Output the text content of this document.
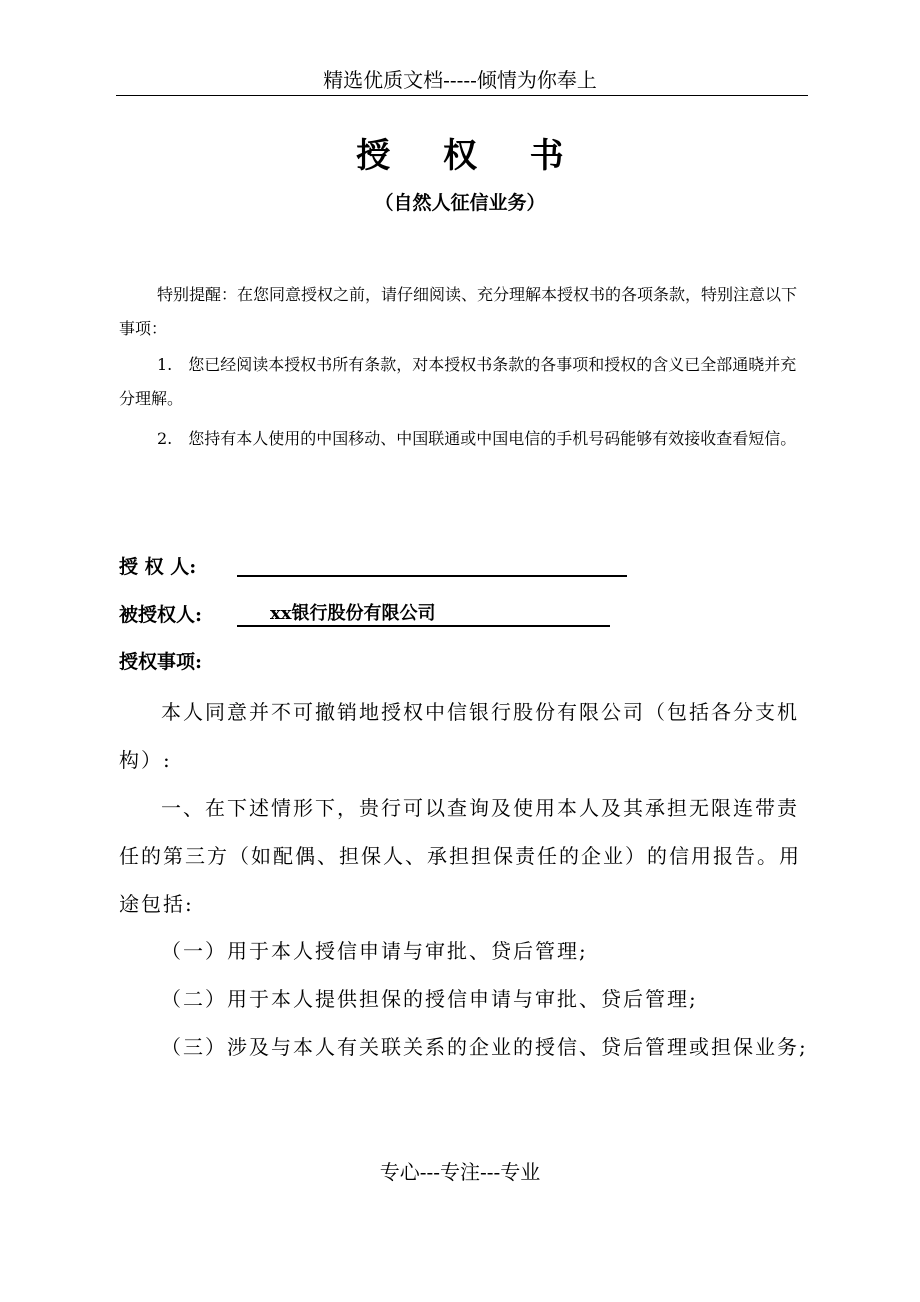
精选优质文档-----倾情为你奉上
授权书
（自然人征信业务）

特别提醒：在您同意授权之前，请仔细阅读、充分理解本授权书的各项条款，特别注意以下事项：

1.　您已经阅读本授权书所有条款，对本授权书条款的各事项和授权的含义已全部通晓并充分理解。

2.　您持有本人使用的中国移动、中国联通或中国电信的手机号码能够有效接收查看短信。

授 权 人:
被授权人:	xx银行股份有限公司
授权事项:

本人同意并不可撤销地授权中信银行股份有限公司（包括各分支机构）:

一、在下述情形下，贵行可以查询及使用本人及其承担无限连带责任的第三方（如配偶、担保人、承担担保责任的企业）的信用报告。用途包括:

（一）用于本人授信申请与审批、贷后管理;
（二）用于本人提供担保的授信申请与审批、贷后管理;
（三）涉及与本人有关联关系的企业的授信、贷后管理或担保业务;
专心---专注---专业
